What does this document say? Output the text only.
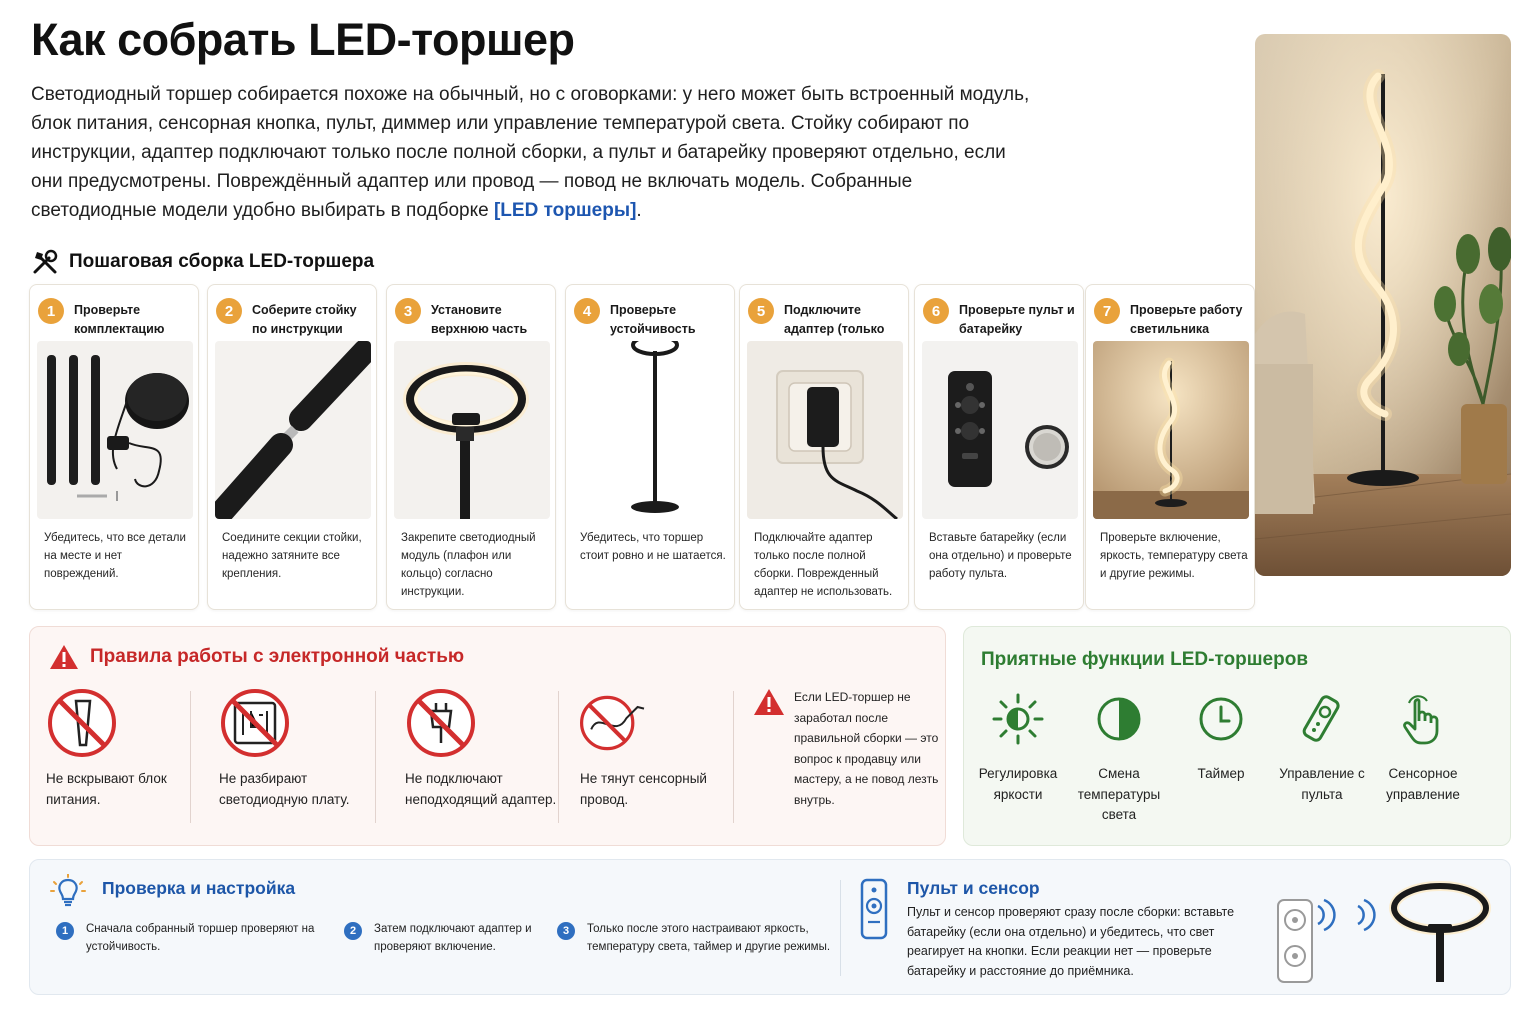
Как собрать LED-торшер
Светодиодный торшер собирается похоже на обычный, но с оговорками: у него может быть встроенный модуль, блок питания, сенсорная кнопка, пульт, диммер или управление температурой света. Стойку собирают по инструкции, адаптер подключают только после полной сборки, а пульт и батарейку проверяют отдельно, если они предусмотрены. Повреждённый адаптер или провод — повод не включать модель. Собранные светодиодные модели удобно выбирать в подборке [LED торшеры].
Пошаговая сборка LED-торшера
1	Проверьте комплектацию
Убедитесь, что все детали на месте и нет повреждений.
2	Соберите стойку по инструкции
Соедините секции стойки, надежно затяните все крепления.
3	Установите верхнюю часть
Закрепите светодиодный модуль (плафон или кольцо) согласно инструкции.
4	Проверьте устойчивость
Убедитесь, что торшер стоит ровно и не шатается.
5	Подключите адаптер (только
Подключайте адаптер только после полной сборки. Поврежденный адаптер не использовать.
6	Проверьте пульт и батарейку
Вставьте батарейку (если она отдельно) и проверьте работу пульта.
7	Проверьте работу светильника
Проверьте включение, яркость, температуру света и другие режимы.
Правила работы с электронной частью
Не вскрывают блок питания.
Не разбирают светодиодную плату.
Не подключают неподходящий адаптер.
Не тянут сенсорный провод.
Если LED-торшер не заработал после правильной сборки — это вопрос к продавцу или мастеру, а не повод лезть внутрь.
Приятные функции LED-торшеров
Регулировка яркости
Смена температуры света
Таймер	Управление с пульта
Сенсорное управление
Проверка и настройка
1	Сначала собранный торшер проверяют на устойчивость.
2	Затем подключают адаптер и проверяют включение.
3	Только после этого настраивают яркость, температуру света, таймер и другие режимы.
Пульт и сенсор
Пульт и сенсор проверяют сразу после сборки: вставьте батарейку (если она отдельно) и убедитесь, что свет реагирует на кнопки. Если реакции нет — проверьте батарейку и расстояние до приёмника.
